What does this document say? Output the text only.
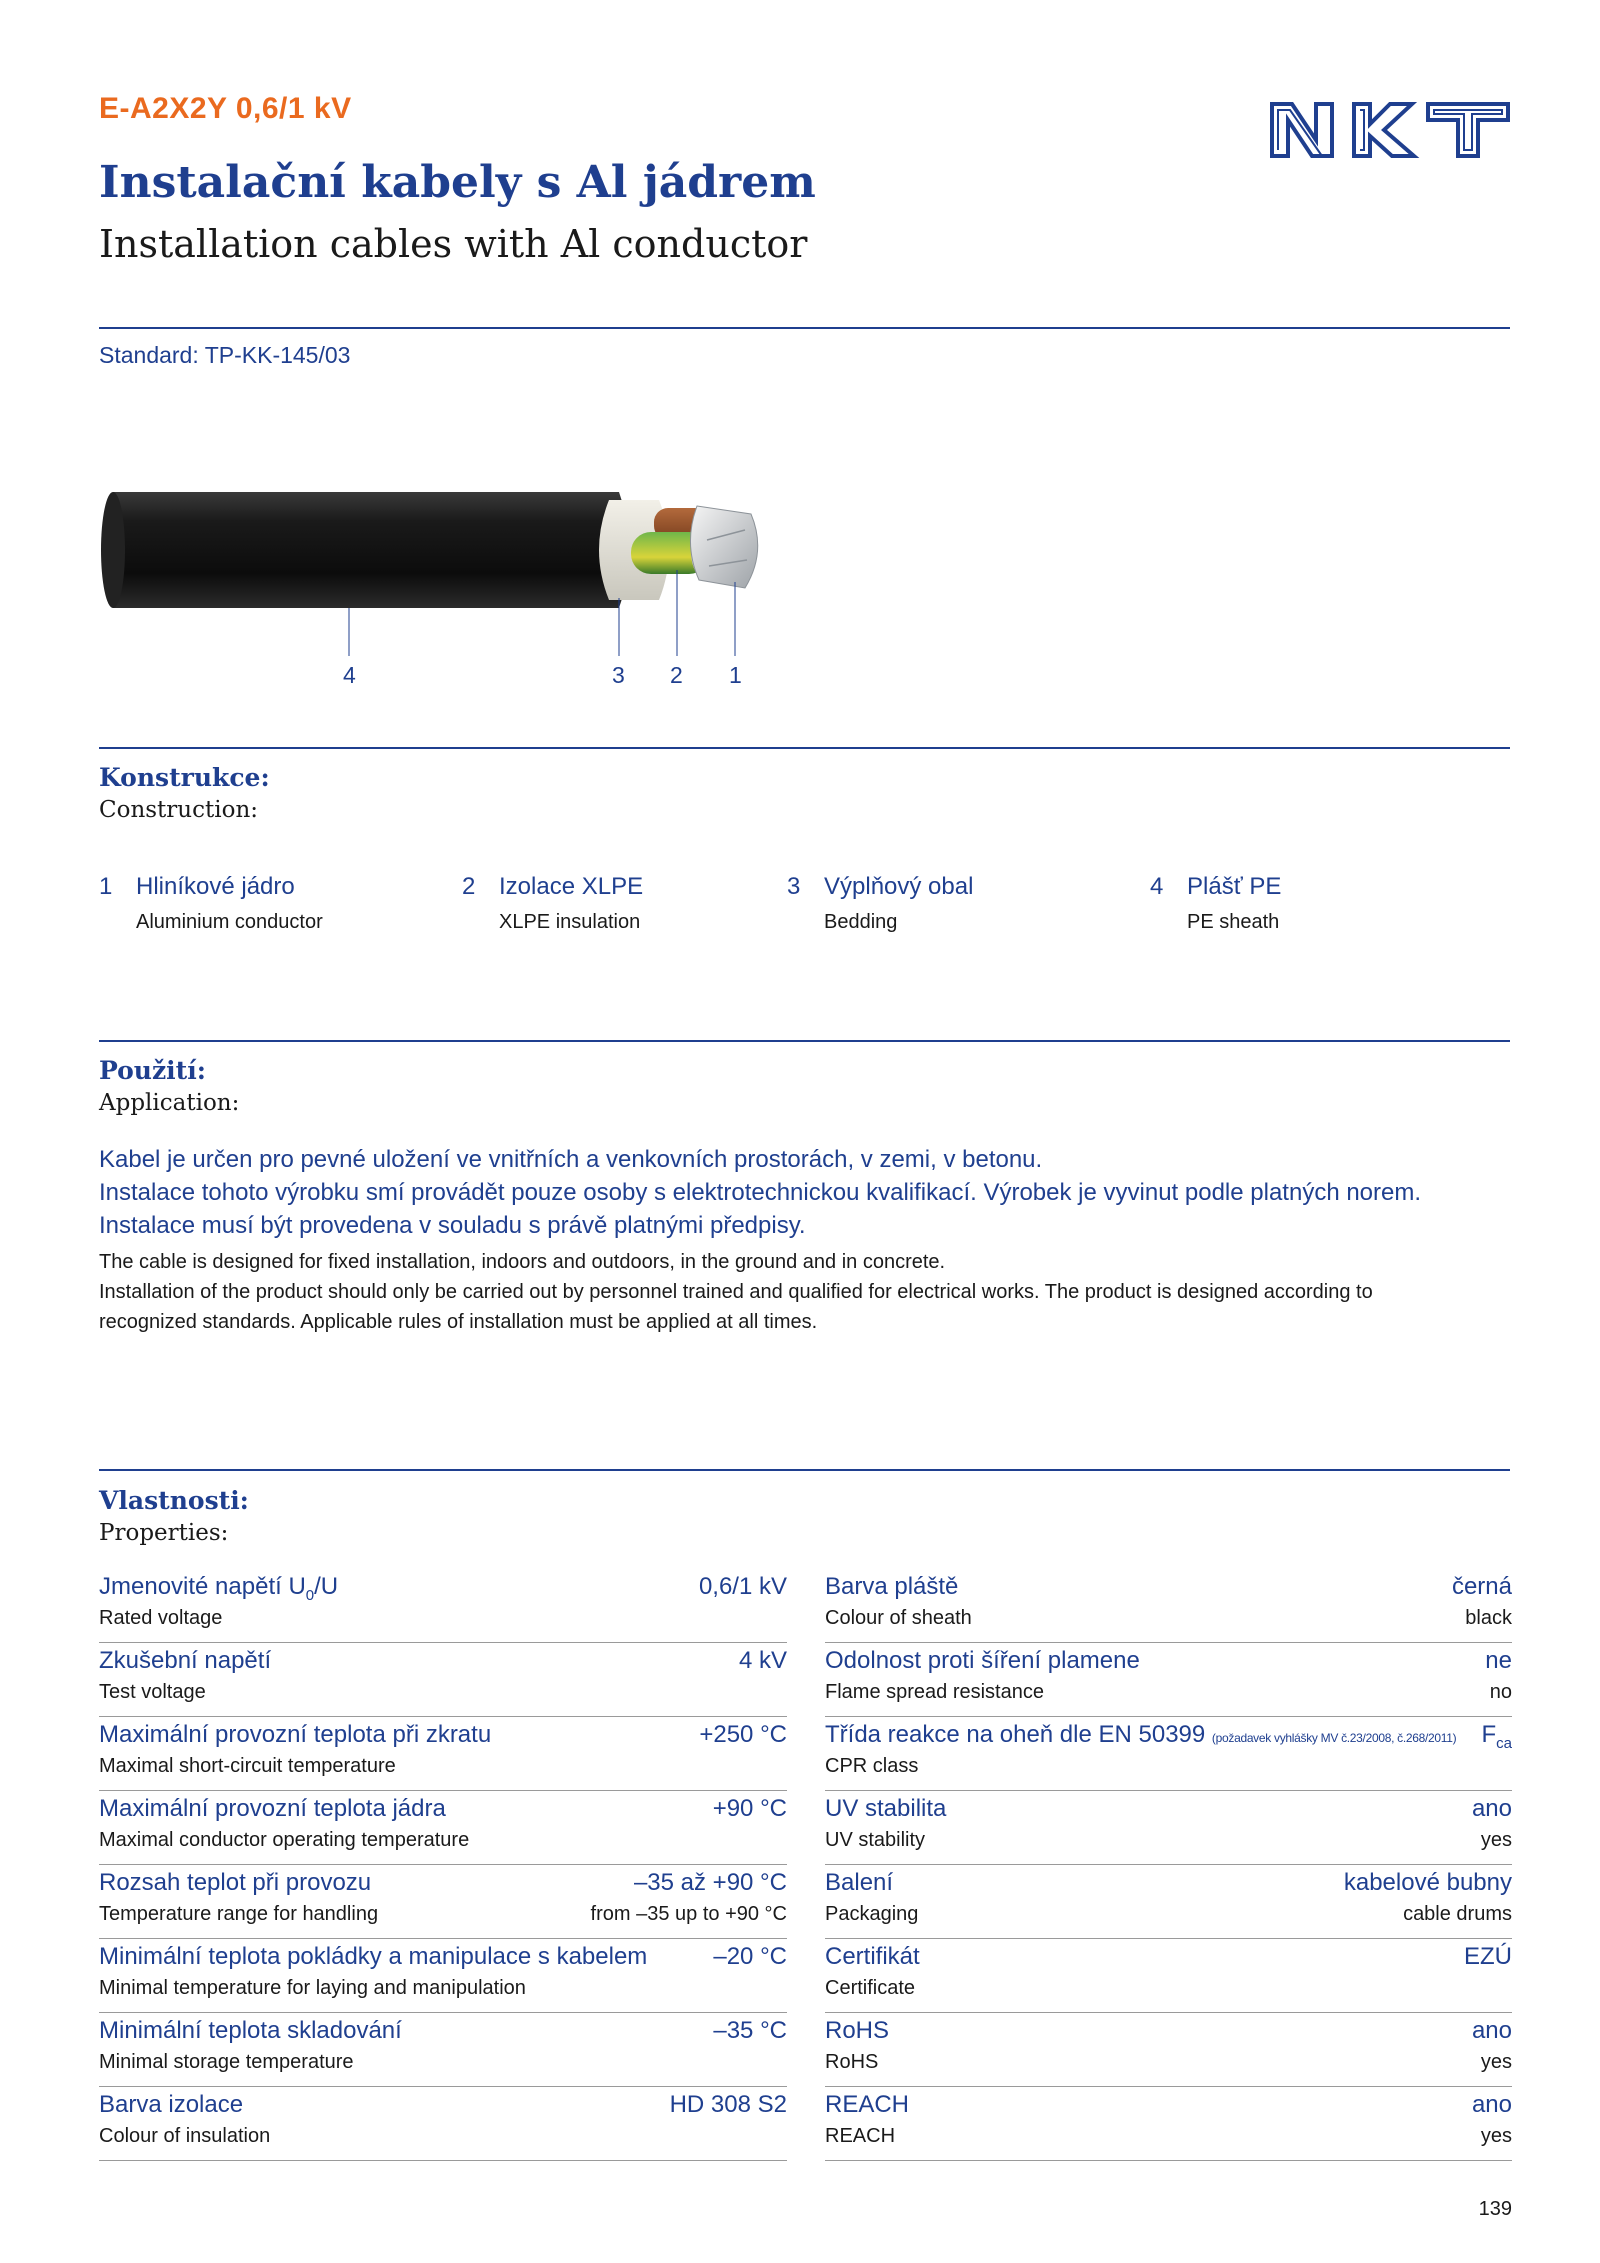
E-A2X2Y 0,6/1 kV
Instalační kabely s Al jádrem
Installation cables with Al conductor
Standard: TP-KK-145/03
4	3 2 1
Konstrukce:
Construction:
1 Hliníkové jádro
Aluminium conductor
2 Izolace XLPE
XLPE insulation
3 Výplňový obal
Bedding
4 Plášť PE
PE sheath
Použití:
Application:
Kabel je určen pro pevné uložení ve vnitřních a venkovních prostorách, v zemi, v betonu.
Instalace tohoto výrobku smí provádět pouze osoby s elektrotechnickou kvalifikací. Výrobek je vyvinut podle platných norem.
Instalace musí být provedena v souladu s právě platnými předpisy.
The cable is designed for fixed installation, indoors and outdoors, in the ground and in concrete.
Installation of the product should only be carried out by personnel trained and qualified for electrical works. The product is designed according to
recognized standards. Applicable rules of installation must be applied at all times.
Vlastnosti:
Properties:
Jmenovité napětí $U_0/U$
Rated voltage
0,6/1 kV
Zkušební napětí
Test voltage
4 kV
Maximální provozní teplota při zkratu
Maximal short-circuit temperature
+250 °C
Maximální provozní teplota jádra
Maximal conductor operating temperature
+90 °C
Rozsah teplot při provozu
Temperature range for handling
–35 až +90 °C
from –35 up to +90 °C
Minimální teplota pokládky a manipulace s kabelem
Minimal temperature for laying and manipulation
–20 °C
Minimální teplota skladování
Minimal storage temperature
–35 °C
Barva izolace
Colour of insulation
HD 308 S2
Barva pláště
Colour of sheath
černá
black
Odolnost proti šíření plamene
Flame spread resistance
ne
no
Třída reakce na oheň dle EN 50399 (požadavek vyhlášky MV č.23/2008, č.268/2011)
CPR class
$F_{ca}$
UV stabilita
UV stability
ano
yes
Balení
Packaging
kabelové bubny
cable drums
Certifikát
Certificate
EZÚ
RoHS
RoHS
ano
yes
REACH
REACH
ano
yes
139
